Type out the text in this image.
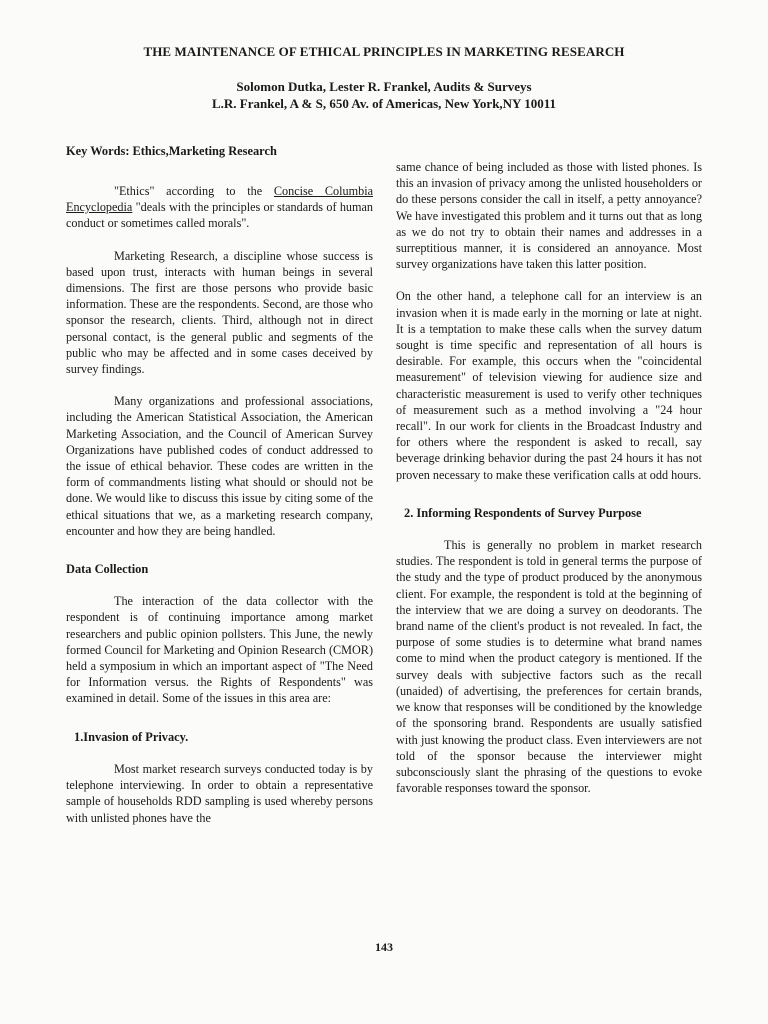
THE MAINTENANCE OF ETHICAL PRINCIPLES IN MARKETING RESEARCH
Solomon Dutka, Lester R. Frankel, Audits & Surveys
L.R. Frankel, A & S, 650 Av. of Americas, New York,NY 10011
Key Words: Ethics,Marketing Research

"Ethics" according to the Concise Columbia Encyclopedia "deals with the principles or standards of human conduct or sometimes called morals".

Marketing Research, a discipline whose success is based upon trust, interacts with human beings in several dimensions. The first are those persons who provide basic information. These are the respondents. Second, are those who sponsor the research, clients. Third, although not in direct personal contact, is the general public and segments of the public who may be affected and in some cases deceived by survey findings.

Many organizations and professional associations, including the American Statistical Association, the American Marketing Association, and the Council of American Survey Organizations have published codes of conduct addressed to the issue of ethical behavior. These codes are written in the form of commandments listing what should or should not be done. We would like to discuss this issue by citing some of the ethical situations that we, as a marketing research company, encounter and how they are being handled.

Data Collection

The interaction of the data collector with the respondent is of continuing importance among market researchers and public opinion pollsters. This June, the newly formed Council for Marketing and Opinion Research (CMOR) held a symposium in which an important aspect of "The Need for Information versus. the Rights of Respondents" was examined in detail. Some of the issues in this area are:

1.Invasion of Privacy.

Most market research surveys conducted today is by telephone interviewing. In order to obtain a representative sample of households RDD sampling is used whereby persons with unlisted phones have the

same chance of being included as those with listed phones. Is this an invasion of privacy among the unlisted householders or do these persons consider the call in itself, a petty annoyance? We have investigated this problem and it turns out that as long as we do not try to obtain their names and addresses in a surreptitious manner, it is considered an annoyance. Most survey organizations have taken this latter position.

On the other hand, a telephone call for an interview is an invasion when it is made early in the morning or late at night. It is a temptation to make these calls when the survey datum sought is time specific and representation of all hours is desirable. For example, this occurs when the "coincidental measurement" of television viewing for audience size and characteristic measurement is used to verify other techniques of measurement such as a method involving a "24 hour recall". In our work for clients in the Broadcast Industry and for others where the respondent is asked to recall, say beverage drinking behavior during the past 24 hours it has not proven necessary to make these verification calls at odd hours.

2. Informing Respondents of Survey Purpose

This is generally no problem in market research studies. The respondent is told in general terms the purpose of the study and the type of product produced by the anonymous client. For example, the respondent is told at the beginning of the interview that we are doing a survey on deodorants. The brand name of the client's product is not revealed. In fact, the purpose of some studies is to determine what brand names come to mind when the product category is mentioned. If the survey deals with subjective factors such as the recall (unaided) of advertising, the preferences for certain brands, we know that responses will be conditioned by the knowledge of the sponsoring brand. Respondents are usually satisfied with just knowing the product class. Even interviewers are not told of the sponsor because the interviewer might subconsciously slant the phrasing of the questions to evoke favorable responses toward the sponsor.

143
